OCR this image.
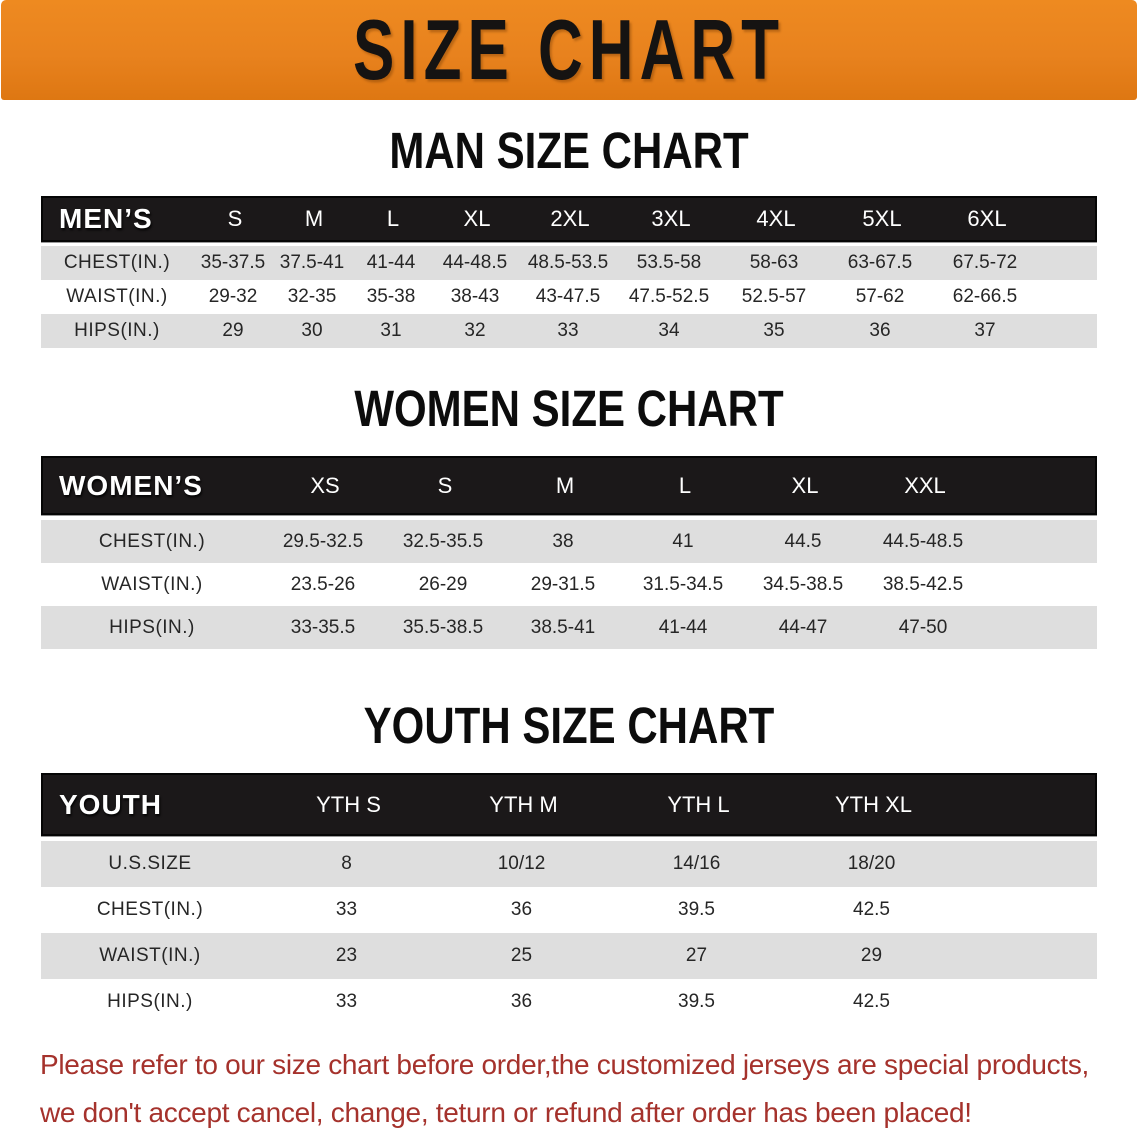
SIZE CHART
MAN SIZE CHART
MEN’S	S	M	L	XL	2XL	3XL	4XL	5XL	6XL
CHEST(IN.)	35-37.5 37.5-41	41-44	44-48.5	48.5-53.5	53.5-58	58-63	63-67.5	67.5-72
WAIST(IN.)	29-32	32-35	35-38	38-43	43-47.5	47.5-52.5	52.5-57	57-62	62-66.5
HIPS(IN.)	29	30	31	32	33	34	35	36	37
WOMEN SIZE CHART
WOMEN’S	XS	S	M	L	XL	XXL
CHEST(IN.)	29.5-32.5	32.5-35.5	38	41	44.5	44.5-48.5
WAIST(IN.)	23.5-26	26-29	29-31.5	31.5-34.5	34.5-38.5	38.5-42.5
HIPS(IN.)	33-35.5	35.5-38.5	38.5-41	41-44	44-47	47-50
YOUTH SIZE CHART
YOUTH	YTH S	YTH M	YTH L	YTH XL
U.S.SIZE	8	10/12	14/16	18/20
CHEST(IN.)	33	36	39.5	42.5
WAIST(IN.)	23	25	27	29
HIPS(IN.)	33	36	39.5	42.5
Please refer to our size chart before order,the customized jerseys are special products,
we don't accept cancel, change, teturn or refund after order has been placed!
